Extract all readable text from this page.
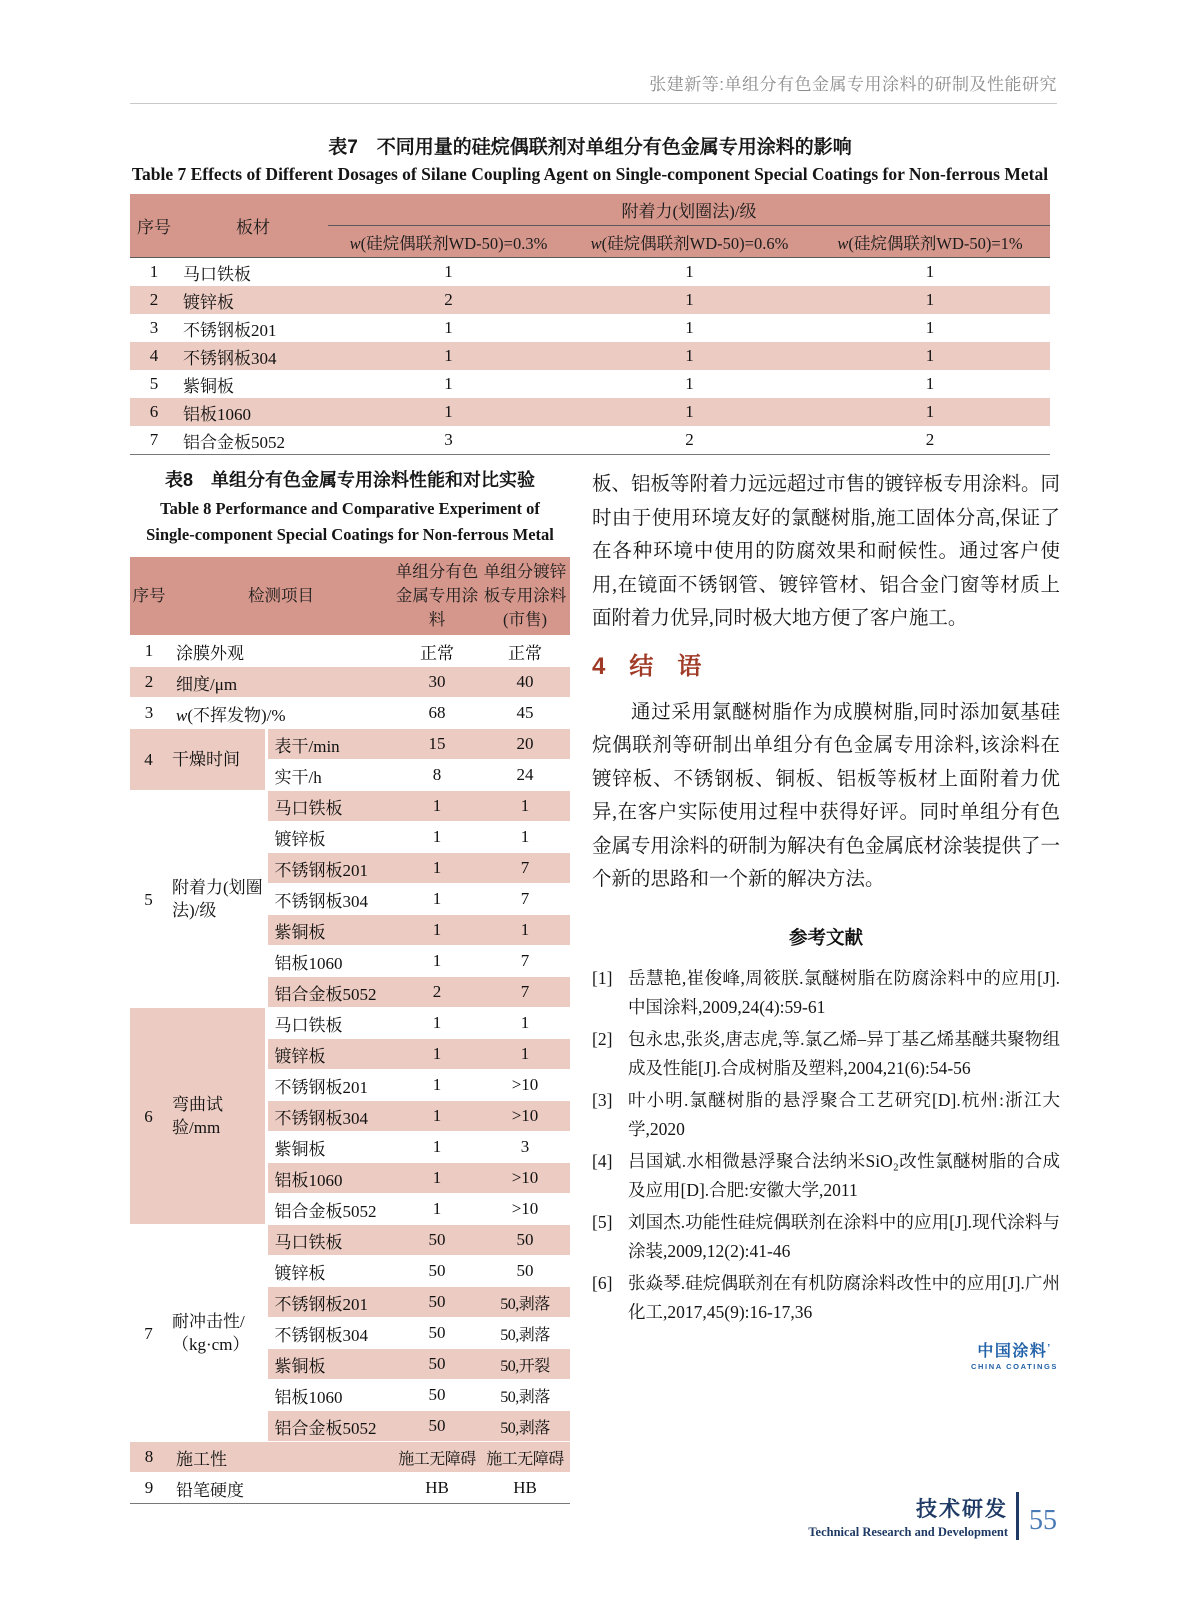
张建新等:单组分有色金属专用涂料的研制及性能研究
表7　不同用量的硅烷偶联剂对单组分有色金属专用涂料的影响
Table 7 Effects of Different Dosages of Silane Coupling Agent on Single-component Special Coatings for Non-ferrous Metal
序号	板材	附着力(划圈法)/级		
		w(硅烷偶联剂WD-50)=0.3%	w(硅烷偶联剂WD-50)=0.6%	w(硅烷偶联剂WD-50)=1%
1	马口铁板	1	1	1
2	镀锌板	2	1	1
3	不锈钢板201	1	1	1
4	不锈钢板304	1	1	1
5	紫铜板	1	1	1
6	铝板1060	1	1	1
7	铝合金板5052	3	2	2
表8　单组分有色金属专用涂料性能和对比实验
Table 8 Performance and Comparative Experiment of
Single-component Special Coatings for Non-ferrous Metal
序号	检测项目		单组分有色金属专用涂料	单组分镀锌板专用涂料(市售)
1	涂膜外观		正常	正常
2	细度/μm		30	40
3	w(不挥发物)/%		68	45
4	干燥时间	表干/min	15	20
		实干/h	8	24
5	附着力(划圈法)/级	马口铁板	1	1
		镀锌板	1	1
		不锈钢板201	1	7
		不锈钢板304	1	7
		紫铜板	1	1
		铝板1060	1	7
		铝合金板5052	2	7
6	弯曲试验/mm	马口铁板	1	1
		镀锌板	1	1
		不锈钢板201	1	>10
		不锈钢板304	1	>10
		紫铜板	1	3
		铝板1060	1	>10
		铝合金板5052	1	>10
7	耐冲击性/（kg·cm）	马口铁板	50	50
		镀锌板	50	50
		不锈钢板201	50	50,剥落
		不锈钢板304	50	50,剥落
		紫铜板	50	50,开裂
		铝板1060	50	50,剥落
		铝合金板5052	50	50,剥落
8	施工性		施工无障碍	施工无障碍
9	铅笔硬度		HB	HB

板、铝板等附着力远远超过市售的镀锌板专用涂料。同时由于使用环境友好的氯醚树脂,施工固体分高,保证了在各种环境中使用的防腐效果和耐候性。通过客户使用,在镜面不锈钢管、镀锌管材、铝合金门窗等材质上面附着力优异,同时极大地方便了客户施工。

4 结　语

通过采用氯醚树脂作为成膜树脂,同时添加氨基硅烷偶联剂等研制出单组分有色金属专用涂料,该涂料在镀锌板、不锈钢板、铜板、铝板等板材上面附着力优异,在客户实际使用过程中获得好评。同时单组分有色金属专用涂料的研制为解决有色金属底材涂装提供了一个新的思路和一个新的解决方法。

参考文献
[1] 岳慧艳,崔俊峰,周筱朕.氯醚树脂在防腐涂料中的应用[J].中国涂料,2009,24(4):59-61
[2] 包永忠,张炎,唐志虎,等.氯乙烯–异丁基乙烯基醚共聚物组成及性能[J].合成树脂及塑料,2004,21(6):54-56
[3] 叶小明.氯醚树脂的悬浮聚合工艺研究[D].杭州:浙江大学,2020
[4] 吕国斌.水相微悬浮聚合法纳米SiO₂改性氯醚树脂的合成及应用[D].合肥:安徽大学,2011
[5] 刘国杰.功能性硅烷偶联剂在涂料中的应用[J].现代涂料与涂装,2009,12(2):41-46
[6] 张焱琴.硅烷偶联剂在有机防腐涂料改性中的应用[J].广州化工,2017,45(9):16-17,36
中国涂料’
CHINA COATINGS
技术研发
Technical Research and Development 55
